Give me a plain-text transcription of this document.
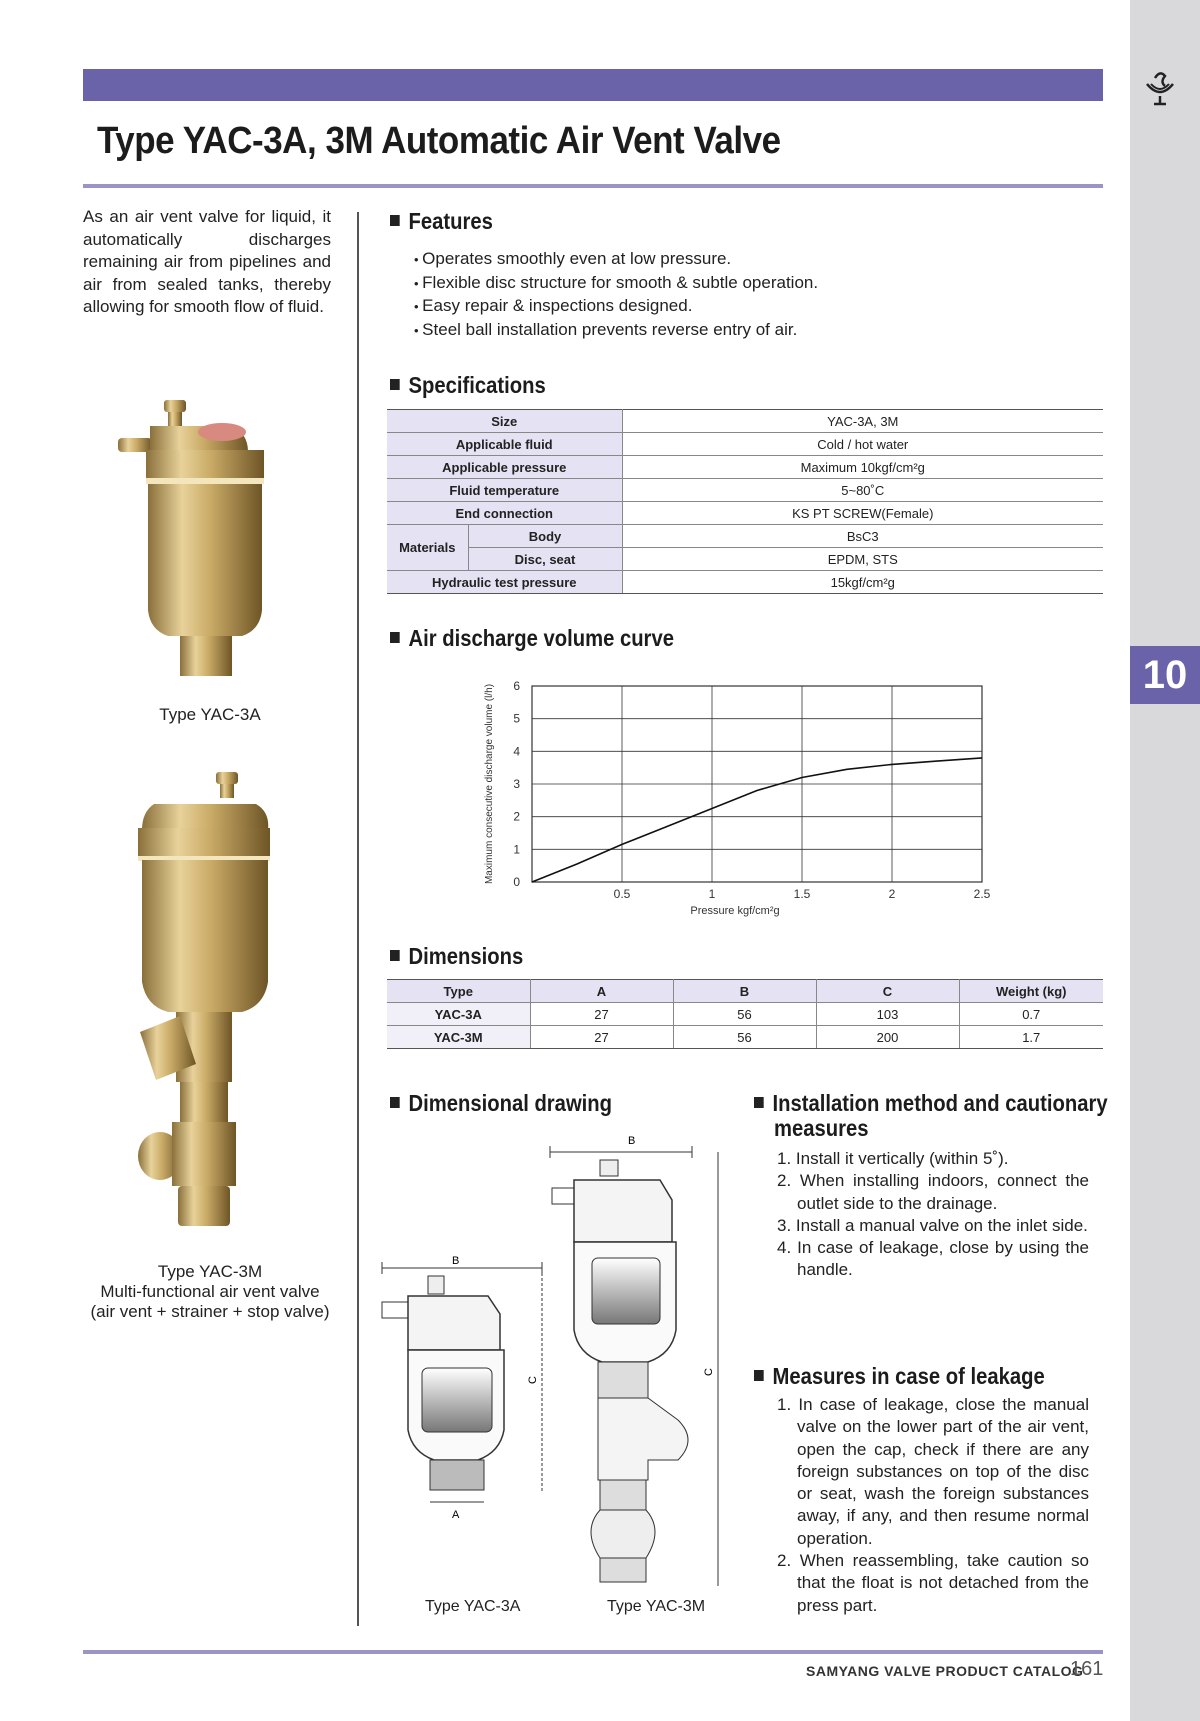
10
Type YAC-3A, 3M Automatic Air Vent Valve
As an air vent valve for liquid, it automatically discharges remaining air from pipelines and air from sealed tanks, thereby allowing for smooth flow of fluid.
Type YAC-3A
Type YAC-3M
Multi-functional air vent valve
(air vent + strainer + stop valve)
Features
• Operates smoothly even at low pressure.
• Flexible disc structure for smooth & subtle operation.
• Easy repair & inspections designed.
• Steel ball installation prevents reverse entry of air.
Specifications
Size		YAC-3A, 3M
Applicable fluid		Cold / hot water
Applicable pressure		Maximum 10kgf/cm²g
Fluid temperature		5~80˚C
End connection		KS PT SCREW(Female)
Materials	Body	BsC3
	Disc, seat	EPDM, STS
Hydraulic test pressure		15kgf/cm²g
Air discharge volume curve
0
1
2
3
4
5
6
0.5	1	1.5	2	2.5
Pressure kgf/cm²g
Maximum consecutive discharge volume (l/h)
Dimensions
Type	A	B	C	Weight (kg)
YAC-3A	27	56	103	0.7
YAC-3M	27	56	200	1.7
Dimensional drawing
B
C
A
B
C
Type YAC-3A	Type YAC-3M
Installation method and cautionary
measures
1. Install it vertically (within 5˚).
2. When installing indoors, connect the outlet side to the drainage.
3. Install a manual valve on the inlet side.
4. In case of leakage, close by using the handle.
Measures in case of leakage
1. In case of leakage, close the manual valve on the lower part of the air vent, open the cap, check if there are any foreign substances on top of the disc or seat, wash the foreign substances away, if any, and then resume normal operation.
2. When reassembling, take caution so that the float is not detached from the press part.
SAMYANG VALVE PRODUCT CATALOG
161
